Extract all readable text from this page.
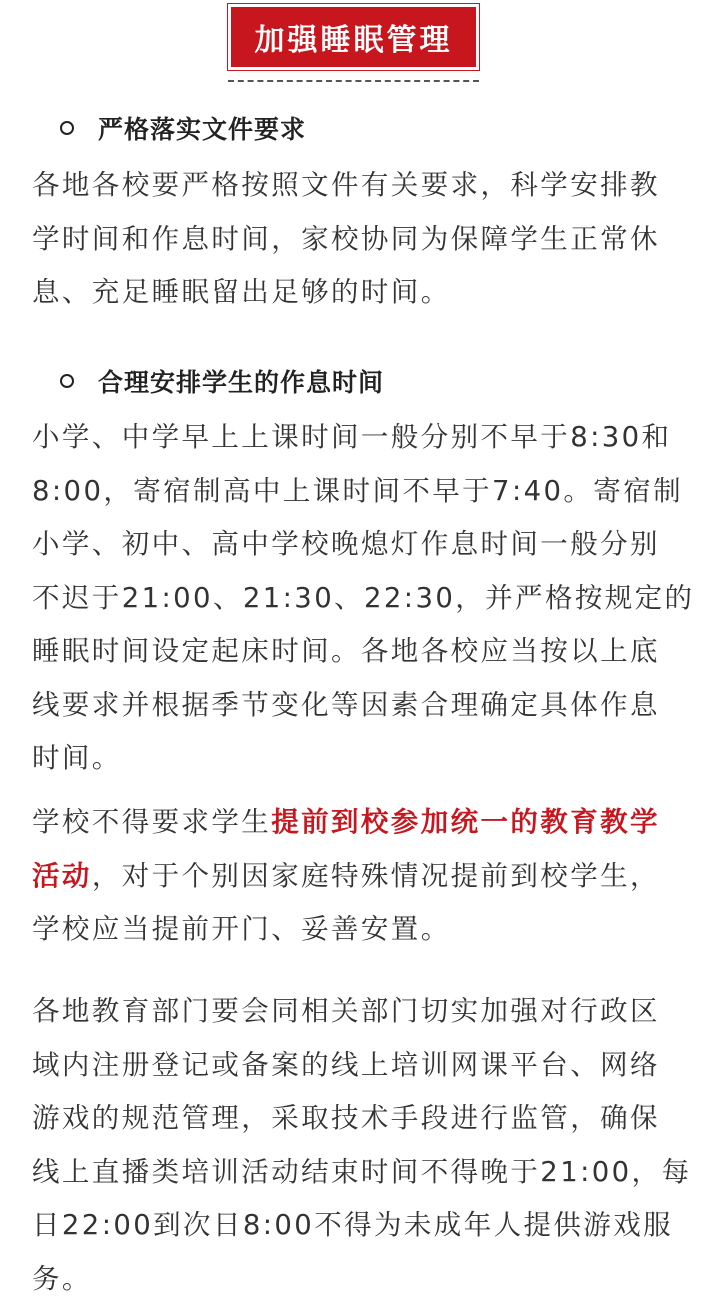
加强睡眠管理
严格落实文件要求
各地各校要严格按照文件有关要求，科学安排教
学时间和作息时间，家校协同为保障学生正常休
息、充足睡眠留出足够的时间。
合理安排学生的作息时间
小学、中学早上上课时间一般分别不早于8:30和
8:00，寄宿制高中上课时间不早于7:40。寄宿制
小学、初中、高中学校晚熄灯作息时间一般分别
不迟于21:00、21:30、22:30，并严格按规定的
睡眠时间设定起床时间。各地各校应当按以上底
线要求并根据季节变化等因素合理确定具体作息
时间。
学校不得要求学生提前到校参加统一的教育教学
活动，对于个别因家庭特殊情况提前到校学生，
学校应当提前开门、妥善安置。
各地教育部门要会同相关部门切实加强对行政区
域内注册登记或备案的线上培训网课平台、网络
游戏的规范管理，采取技术手段进行监管，确保
线上直播类培训活动结束时间不得晚于21:00，每
日22:00到次日8:00不得为未成年人提供游戏服
务。
